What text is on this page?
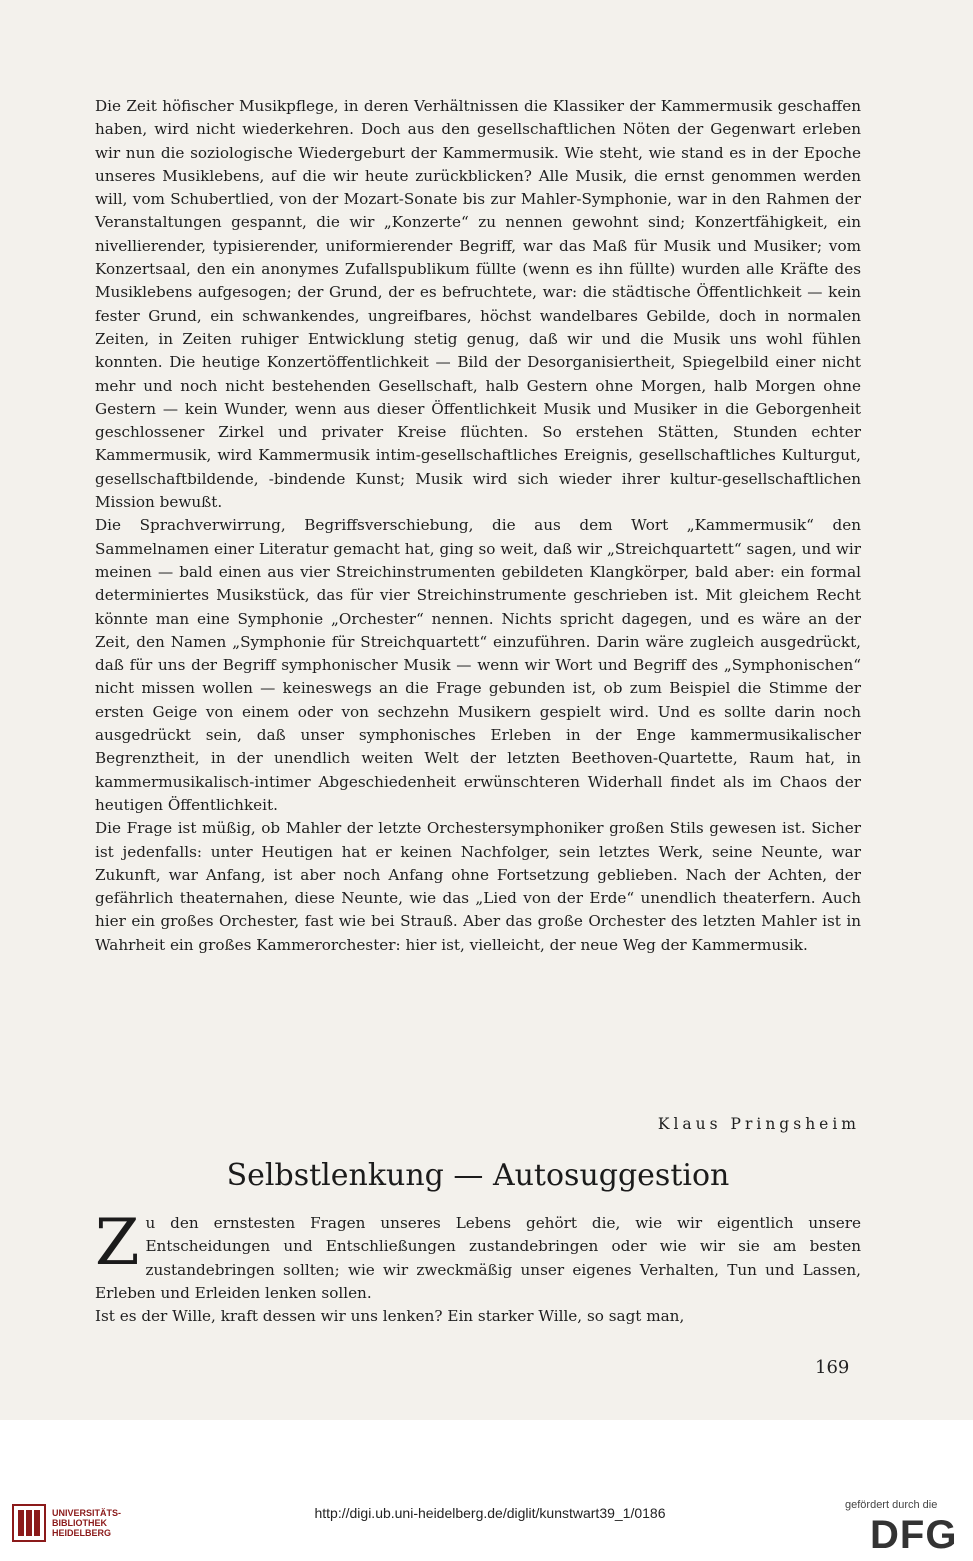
Die Zeit höfischer Musikpflege, in deren Verhältnissen die Klassiker der Kammermusik geschaffen haben, wird nicht wiederkehren. Doch aus den gesellschaftlichen Nöten der Gegenwart erleben wir nun die soziologische Wiedergeburt der Kammermusik. Wie steht, wie stand es in der Epoche unseres Musiklebens, auf die wir heute zurückblicken? Alle Musik, die ernst genommen werden will, vom Schubertlied, von der Mozart-Sonate bis zur Mahler-Symphonie, war in den Rahmen der Veranstaltungen gespannt, die wir „Konzerte“ zu nennen gewohnt sind; Konzertfähigkeit, ein nivellierender, typisierender, uniformierender Begriff, war das Maß für Musik und Musiker; vom Konzertsaal, den ein anonymes Zufallspublikum füllte (wenn es ihn füllte) wurden alle Kräfte des Musiklebens aufgesogen; der Grund, der es befruchtete, war: die städtische Öffentlichkeit — kein fester Grund, ein schwankendes, ungreifbares, höchst wandelbares Gebilde, doch in normalen Zeiten, in Zeiten ruhiger Entwicklung stetig genug, daß wir und die Musik uns wohl fühlen konnten. Die heutige Konzertöffentlichkeit — Bild der Desorganisiertheit, Spiegelbild einer nicht mehr und noch nicht bestehenden Gesellschaft, halb Gestern ohne Morgen, halb Morgen ohne Gestern — kein Wunder, wenn aus dieser Öffentlichkeit Musik und Musiker in die Geborgenheit geschlossener Zirkel und privater Kreise flüchten. So erstehen Stätten, Stunden echter Kammermusik, wird Kammermusik intim-gesellschaftliches Ereignis, gesellschaftliches Kulturgut, gesellschaftbildende, -bindende Kunst; Musik wird sich wieder ihrer kultur-gesellschaftlichen Mission bewußt.

Die Sprachverwirrung, Begriffsverschiebung, die aus dem Wort „Kammermusik“ den Sammelnamen einer Literatur gemacht hat, ging so weit, daß wir „Streichquartett“ sagen, und wir meinen — bald einen aus vier Streichinstrumenten gebildeten Klangkörper, bald aber: ein formal determiniertes Musikstück, das für vier Streichinstrumente geschrieben ist. Mit gleichem Recht könnte man eine Symphonie „Orchester“ nennen. Nichts spricht dagegen, und es wäre an der Zeit, den Namen „Symphonie für Streichquartett“ einzuführen. Darin wäre zugleich ausgedrückt, daß für uns der Begriff symphonischer Musik — wenn wir Wort und Begriff des „Symphonischen“ nicht missen wollen — keineswegs an die Frage gebunden ist, ob zum Beispiel die Stimme der ersten Geige von einem oder von sechzehn Musikern gespielt wird. Und es sollte darin noch ausgedrückt sein, daß unser symphonisches Erleben in der Enge kammermusikalischer Begrenztheit, in der unendlich weiten Welt der letzten Beethoven-Quartette, Raum hat, in kammermusikalisch-intimer Abgeschiedenheit erwünschteren Widerhall findet als im Chaos der heutigen Öffentlichkeit.

Die Frage ist müßig, ob Mahler der letzte Orchestersymphoniker großen Stils gewesen ist. Sicher ist jedenfalls: unter Heutigen hat er keinen Nachfolger, sein letztes Werk, seine Neunte, war Zukunft, war Anfang, ist aber noch Anfang ohne Fortsetzung geblieben. Nach der Achten, der gefährlich theaternahen, diese Neunte, wie das „Lied von der Erde“ unendlich theaterfern. Auch hier ein großes Orchester, fast wie bei Strauß. Aber das große Orchester des letzten Mahler ist in Wahrheit ein großes Kammerorchester: hier ist, vielleicht, der neue Weg der Kammermusik.

Klaus Pringsheim
Selbstlenkung — Autosuggestion
Z u den ernstesten Fragen unseres Lebens gehört die, wie wir eigentlich unsere Entscheidungen und Entschließungen zustandebringen oder wie wir sie am besten zustandebringen sollten; wie wir zweckmäßig unser eigenes Verhalten, Tun und Lassen, Erleben und Erleiden lenken sollen.

Ist es der Wille, kraft dessen wir uns lenken? Ein starker Wille, so sagt man,

169
UNIVERSITÄTS-
BIBLIOTHEK
HEIDELBERG
http://digi.ub.uni-heidelberg.de/diglit/kunstwart39_1/0186	gefördert durch die
DFG
